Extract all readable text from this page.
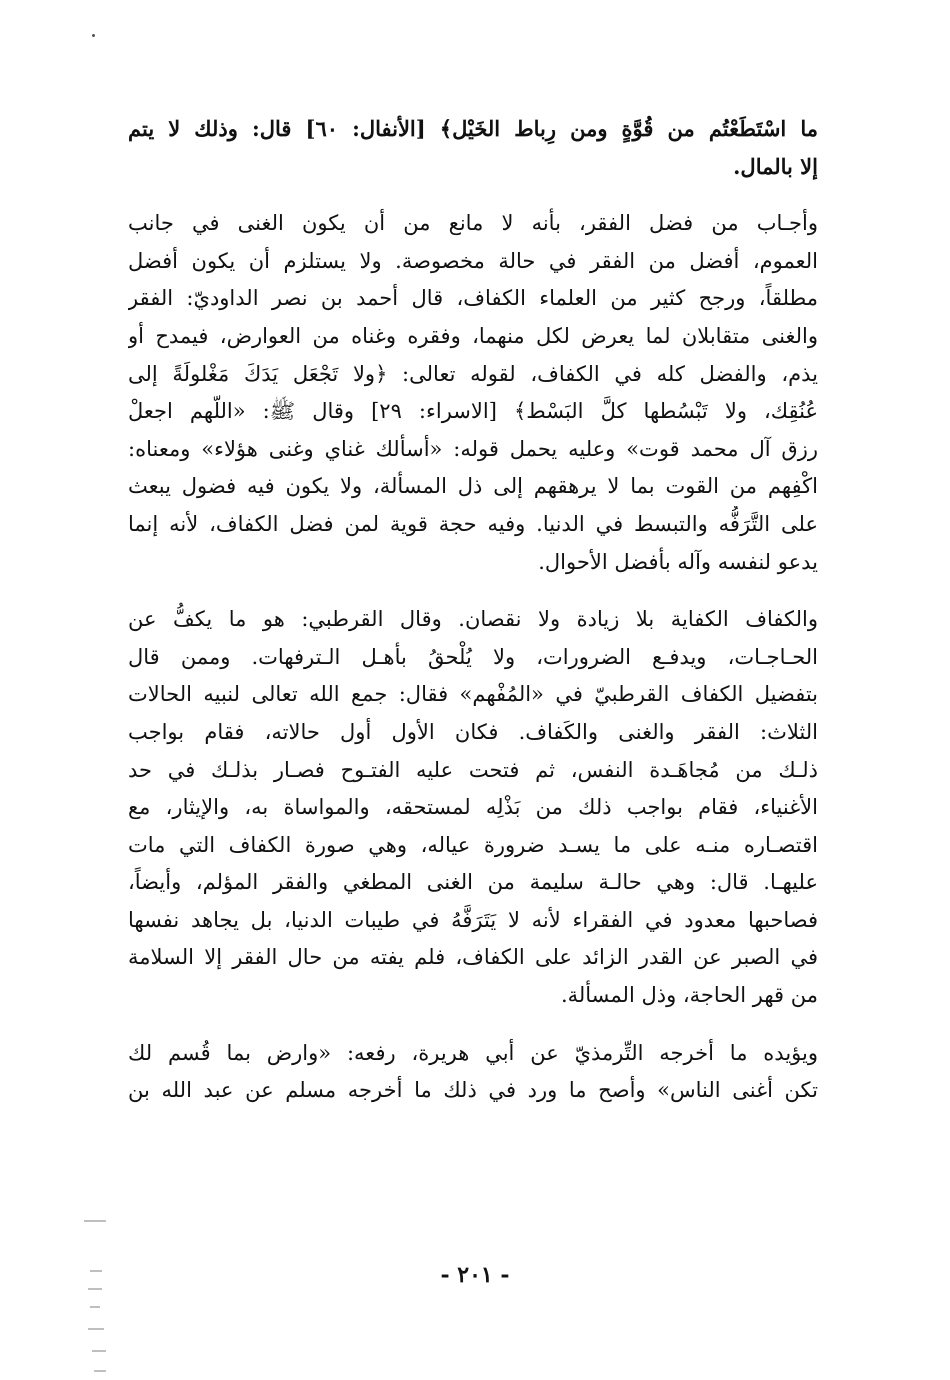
ما اسْتَطَعْتُم من قُوَّةٍ ومن رِباط الخَيْل﴾ [الأنفال: ٦٠] قال: وذلك لا يتم
إلا بالمال.
وأجـاب من فضل الفقر، بأنه لا مانع من أن يكون الغنى في جانب
العموم، أفضل من الفقر في حالة مخصوصة. ولا يستلزم أن يكون أفضل
مطلقاً، ورجح كثير من العلماء الكفاف، قال أحمد بن نصر الداوديّ: الفقر
والغنى متقابلان لما يعرض لكل منهما، وفقره وغناه من العوارض، فيمدح أو
يذم، والفضل كله في الكفاف، لقوله تعالى: ﴿ولا تَجْعَل يَدَكَ مَغْلولَةً إلى
عُنُقِك، ولا تَبْسُطها كلَّ البَسْط﴾ [الاسراء: ٢٩] وقال ﷺ: «اللّهم اجعلْ
رزق آل محمد قوت» وعليه يحمل قوله: «أسألك غناي وغنى هؤلاء» ومعناه:
اكْفِهم من القوت بما لا يرهقهم إلى ذل المسألة، ولا يكون فيه فضول يبعث
على التَّرَفُّه والتبسط في الدنيا. وفيه حجة قوية لمن فضل الكفاف، لأنه إنما
يدعو لنفسه وآله بأفضل الأحوال.
والكفاف الكفاية بلا زيادة ولا نقصان. وقال القرطبي: هو ما يكفُّ عن
الحـاجـات، ويدفـع الضرورات، ولا يُلْحقُ بأهـل الـترفهات. وممن قال
بتفضيل الكفاف القرطبيّ في «المُفْهم» فقال: جمع الله تعالى لنبيه الحالات
الثلاث: الفقر والغنى والكَفاف. فكان الأول أول حالاته، فقام بواجب
ذلـك من مُجاهَـدة النفس، ثم فتحت عليه الفتـوح فصـار بذلـك في حد
الأغنياء، فقام بواجب ذلك من بَذْلِه لمستحقه، والمواساة به، والإيثار، مع
اقتصـاره منـه على ما يسـد ضرورة عياله، وهي صورة الكفاف التي مات
عليهـا. قال: وهي حالـة سليمة من الغنى المطغي والفقر المؤلم، وأيضاً،
فصاحبها معدود في الفقراء لأنه لا يَتَرَفَّهُ في طيبات الدنيا، بل يجاهد نفسها
في الصبر عن القدر الزائد على الكفاف، فلم يفته من حال الفقر إلا السلامة
من قهر الحاجة، وذل المسألة.
ويؤيده ما أخرجه التِّرمذيّ عن أبي هريرة، رفعه: «وارض بما قُسم لك
تكن أغنى الناس» وأصح ما ورد في ذلك ما أخرجه مسلم عن عبد الله بن
- ٢٠١ -
